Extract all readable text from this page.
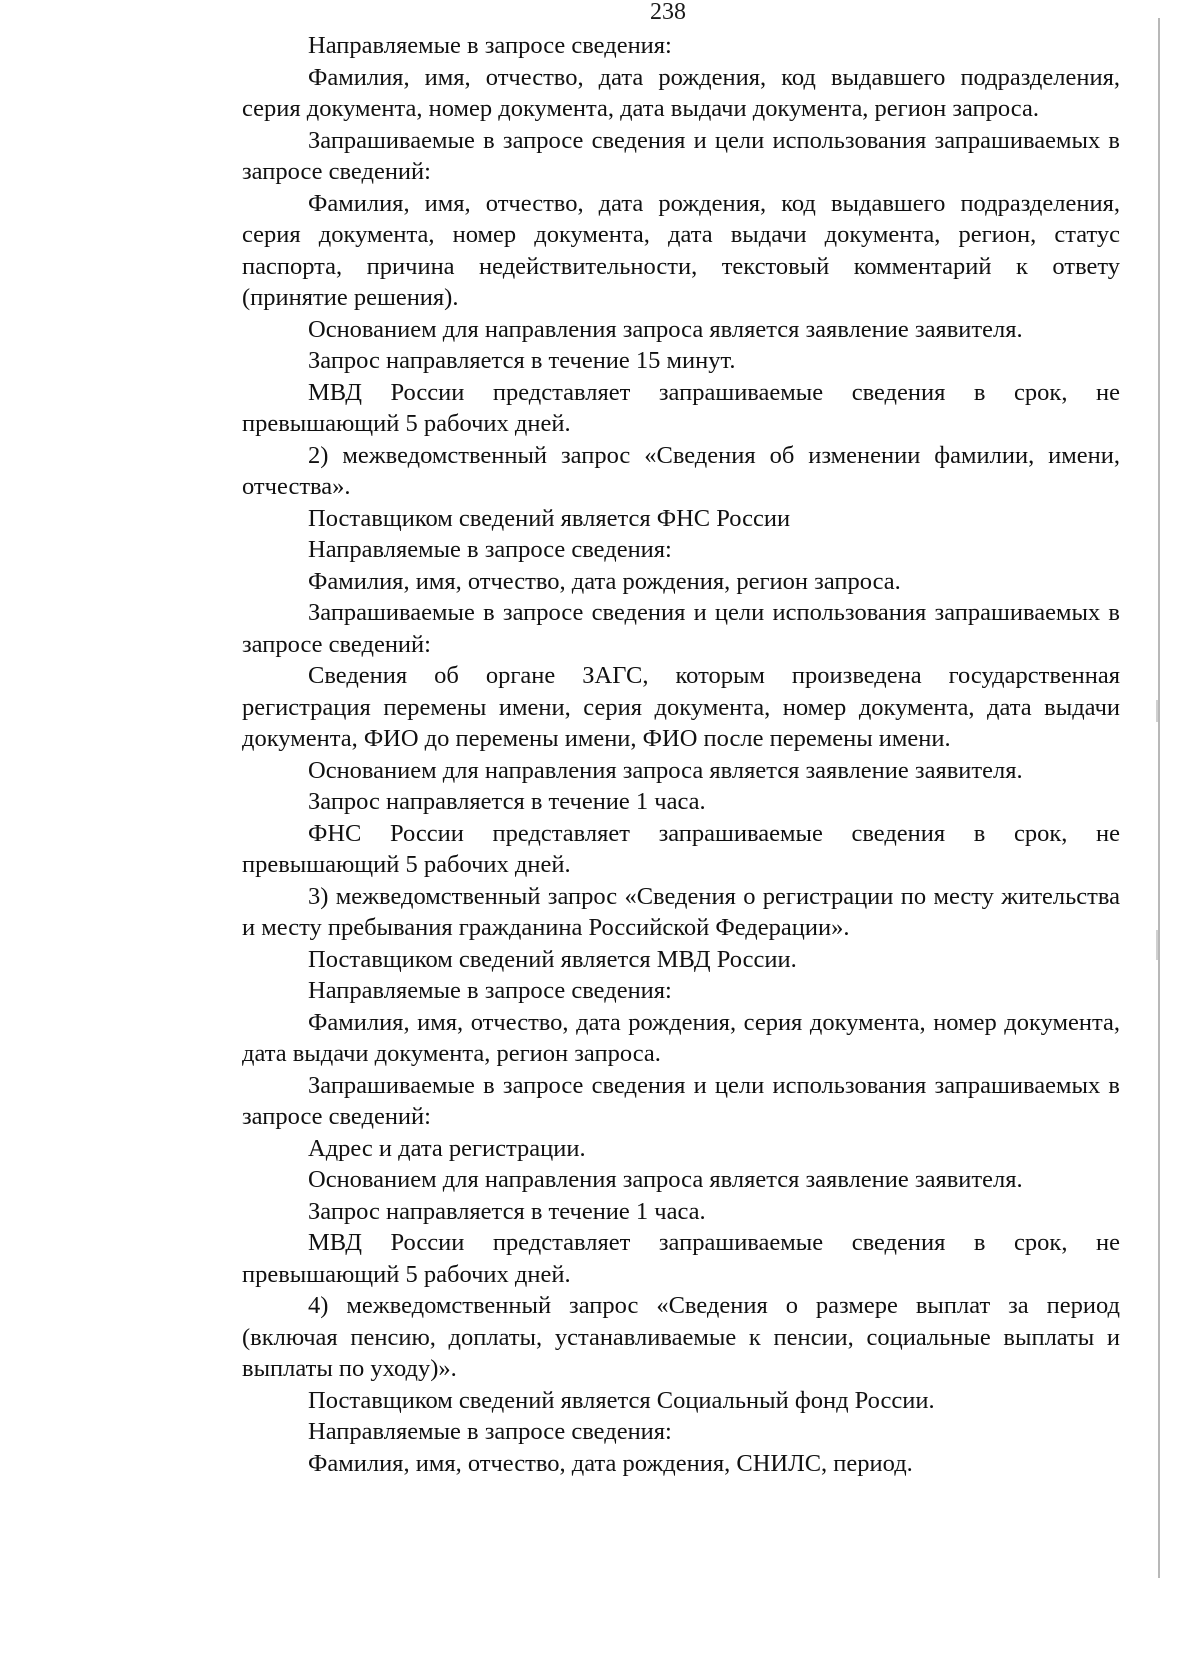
238

Направляемые в запросе сведения:

Фамилия, имя, отчество, дата рождения, код выдавшего подразделения, серия документа, номер документа, дата выдачи документа, регион запроса.

Запрашиваемые в запросе сведения и цели использования запрашиваемых в запросе сведений:

Фамилия, имя, отчество, дата рождения, код выдавшего подразделения, серия документа, номер документа, дата выдачи документа, регион, статус паспорта, причина недействительности, текстовый комментарий к ответу (принятие решения).

Основанием для направления запроса является заявление заявителя.

Запрос направляется в течение 15 минут.

МВД России представляет запрашиваемые сведения в срок, не превышающий 5 рабочих дней.

2) межведомственный запрос «Сведения об изменении фамилии, имени, отчества».

Поставщиком сведений является ФНС России

Направляемые в запросе сведения:

Фамилия, имя, отчество, дата рождения, регион запроса.

Запрашиваемые в запросе сведения и цели использования запрашиваемых в запросе сведений:

Сведения об органе ЗАГС, которым произведена государственная регистрация перемены имени, серия документа, номер документа, дата выдачи документа, ФИО до перемены имени, ФИО после перемены имени.

Основанием для направления запроса является заявление заявителя.

Запрос направляется в течение 1 часа.

ФНС России представляет запрашиваемые сведения в срок, не превышающий 5 рабочих дней.

3) межведомственный запрос «Сведения о регистрации по месту жительства и месту пребывания гражданина Российской Федерации».

Поставщиком сведений является МВД России.

Направляемые в запросе сведения:

Фамилия, имя, отчество, дата рождения, серия документа, номер документа, дата выдачи документа, регион запроса.

Запрашиваемые в запросе сведения и цели использования запрашиваемых в запросе сведений:

Адрес и дата регистрации.

Основанием для направления запроса является заявление заявителя.

Запрос направляется в течение 1 часа.

МВД России представляет запрашиваемые сведения в срок, не превышающий 5 рабочих дней.

4) межведомственный запрос «Сведения о размере выплат за период (включая пенсию, доплаты, устанавливаемые к пенсии, социальные выплаты и выплаты по уходу)».

Поставщиком сведений является Социальный фонд России.

Направляемые в запросе сведения:

Фамилия, имя, отчество, дата рождения, СНИЛС, период.
